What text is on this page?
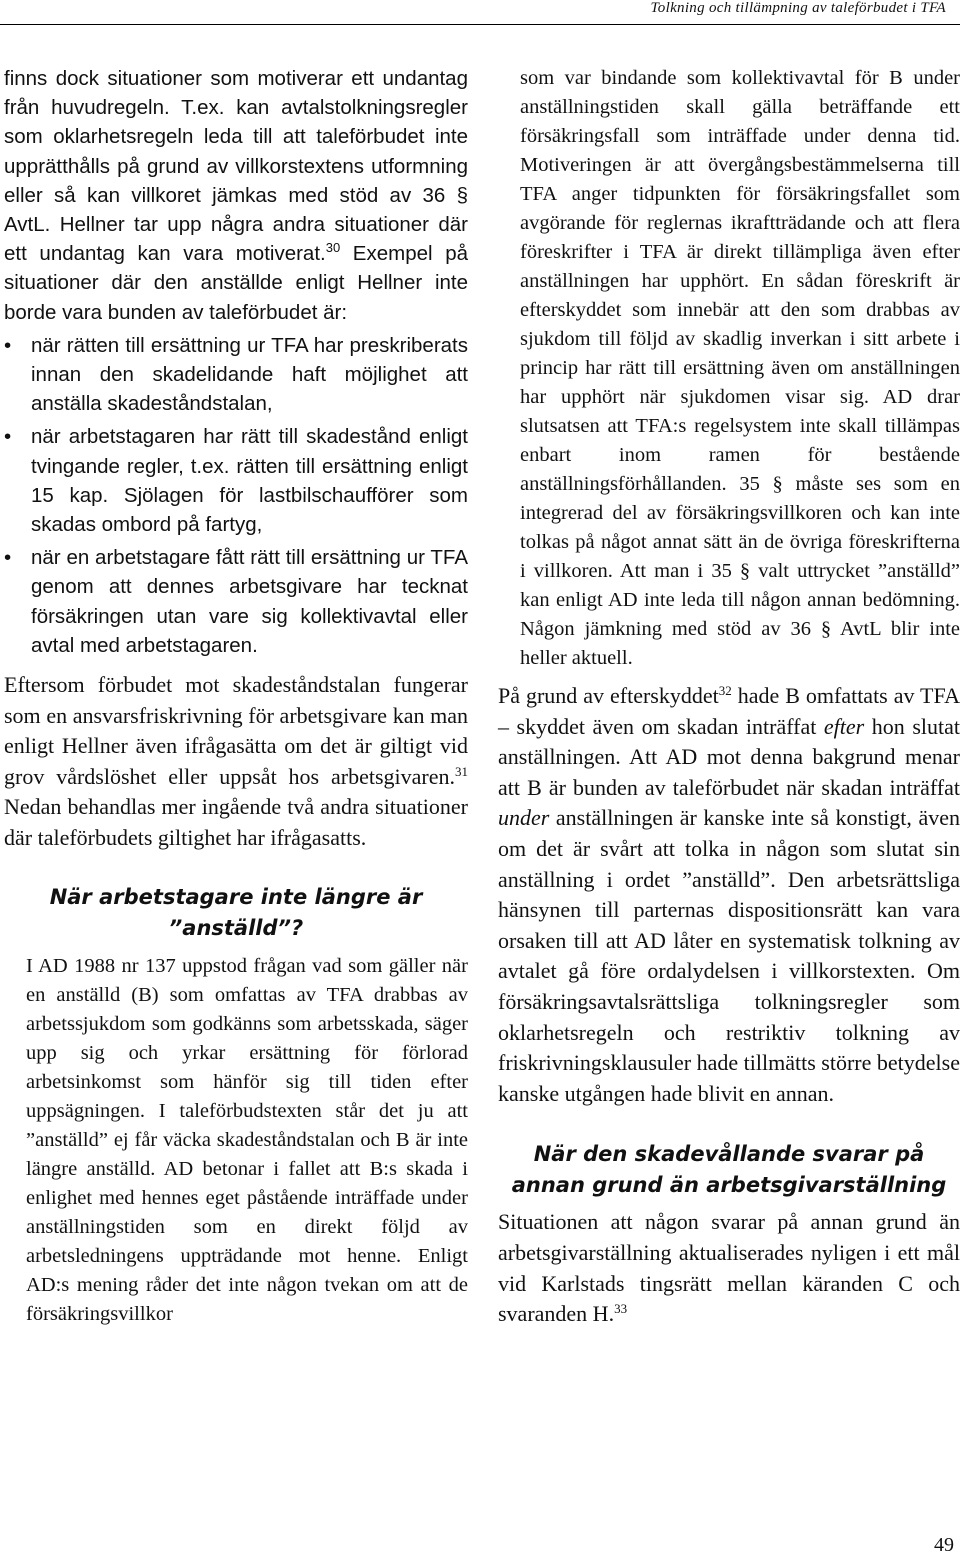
Tolkning och tillämpning av taleförbudet i TFA

finns dock situationer som motiverar ett undantag från huvudregeln. T.ex. kan avtalstolkningsregler som oklarhetsregeln leda till att taleförbudet inte upprätthålls på grund av villkorstextens utformning eller så kan villkoret jämkas med stöd av 36 § AvtL. Hellner tar upp några andra situationer där ett undantag kan vara motiverat.$^{30}$ Exempel på situationer där den anställde enligt Hellner inte borde vara bunden av taleförbudet är:

• när rätten till ersättning ur TFA har preskriberats innan den skadelidande haft möjlighet att anställa skadeståndstalan,
• när arbetstagaren har rätt till skadestånd enligt tvingande regler, t.ex. rätten till ersättning enligt 15 kap. Sjölagen för lastbilschaufförer som skadas ombord på fartyg,
• när en arbetstagare fått rätt till ersättning ur TFA genom att dennes arbetsgivare har tecknat försäkringen utan vare sig kollektivavtal eller avtal med arbetstagaren.

Eftersom förbudet mot skadeståndstalan fungerar som en ansvarsfriskrivning för arbetsgivare kan man enligt Hellner även ifrågasätta om det är giltigt vid grov vårdslöshet eller uppsåt hos arbetsgivaren.$^{31}$ Nedan behandlas mer ingående två andra situationer där taleförbudets giltighet har ifrågasatts.

När arbetstagare inte längre är ”anställd”?

I AD 1988 nr 137 uppstod frågan vad som gäller när en anställd (B) som omfattas av TFA drabbas av arbetssjukdom som godkänns som arbetsskada, säger upp sig och yrkar ersättning för förlorad arbetsinkomst som hänför sig till tiden efter uppsägningen. I taleförbudstexten står det ju att ”anställd” ej får väcka skadeståndstalan och B är inte längre anställd. AD betonar i fallet att B:s skada i enlighet med hennes eget påstående inträffade under anställningstiden som en direkt följd av arbetsledningens uppträdande mot henne. Enligt AD:s mening råder det inte någon tvekan om att de försäkringsvillkor

som var bindande som kollektivavtal för B under anställningstiden skall gälla beträffande ett försäkringsfall som inträffade under denna tid. Motiveringen är att övergångsbestämmelserna till TFA anger tidpunkten för försäkringsfallet som avgörande för reglernas ikraftträdande och att flera föreskrifter i TFA är direkt tillämpliga även efter anställningen har upphört. En sådan föreskrift är efterskyddet som innebär att den som drabbas av sjukdom till följd av skadlig inverkan i sitt arbete i princip har rätt till ersättning även om anställningen har upphört när sjukdomen visar sig. AD drar slutsatsen att TFA:s regelsystem inte skall tillämpas enbart inom ramen för bestående anställningsförhållanden. 35 § måste ses som en integrerad del av försäkringsvillkoren och kan inte tolkas på något annat sätt än de övriga föreskrifterna i villkoren. Att man i 35 § valt uttrycket ”anställd” kan enligt AD inte leda till någon annan bedömning. Någon jämkning med stöd av 36 § AvtL blir inte heller aktuell.

På grund av efterskyddet$^{32}$ hade B omfattats av TFA – skyddet även om skadan inträffat efter hon slutat anställningen. Att AD mot denna bakgrund menar att B är bunden av taleförbudet när skadan inträffat under anställningen är kanske inte så konstigt, även om det är svårt att tolka in någon som slutat sin anställning i ordet ”anställd”. Den arbetsrättsliga hänsynen till parternas dispositionsrätt kan vara orsaken till att AD låter en systematisk tolkning av avtalet gå före ordalydelsen i villkorstexten. Om försäkringsavtalsrättsliga tolkningsregler som oklarhetsregeln och restriktiv tolkning av friskrivningsklausuler hade tillmätts större betydelse kanske utgången hade blivit en annan.

När den skadevållande svarar på annan grund än arbetsgivarställning

Situationen att någon svarar på annan grund än arbetsgivarställning aktualiserades nyligen i ett mål vid Karlstads tingsrätt mellan käranden C och svaranden H.$^{33}$

49
